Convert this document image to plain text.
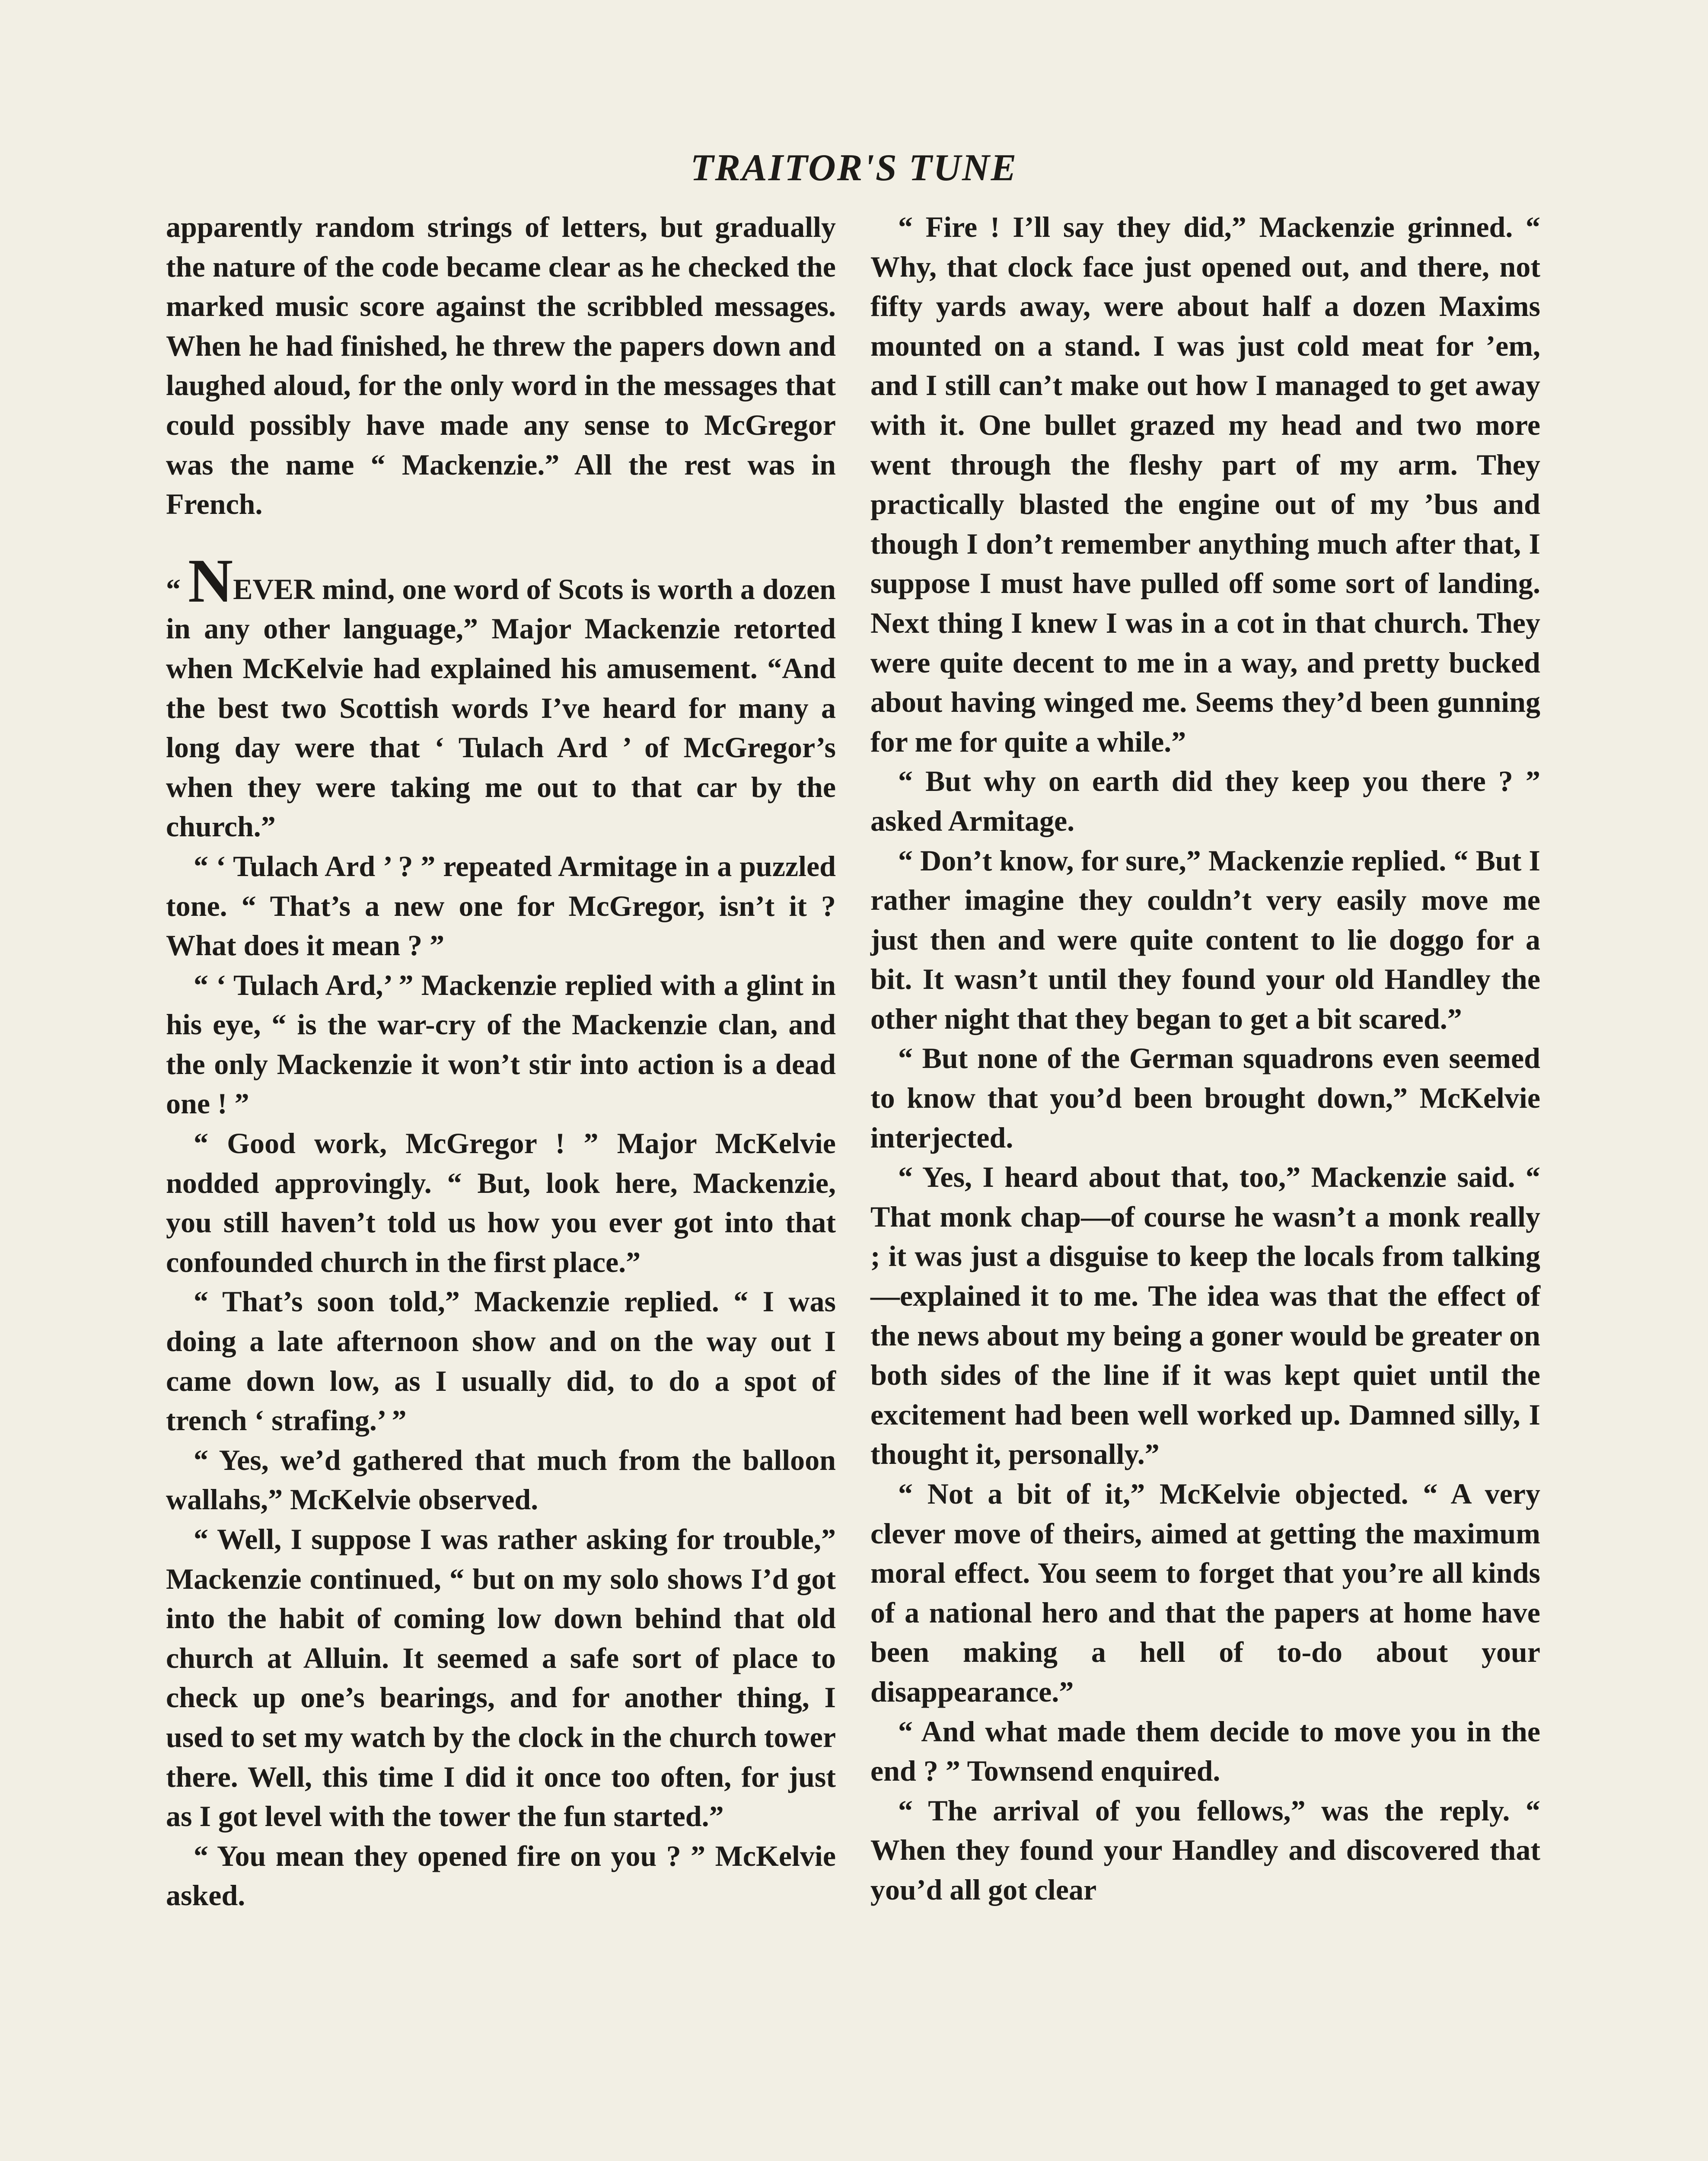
TRAITOR'S TUNE

apparently random strings of letters, but gradually the nature of the code became clear as he checked the marked music score against the scribbled messages. When he had finished, he threw the papers down and laughed aloud, for the only word in the messages that could possibly have made any sense to McGregor was the name “ Mackenzie.” All the rest was in French.

“ NEVER mind, one word of Scots is worth a dozen in any other language,” Major Mackenzie retorted when McKelvie had explained his amusement. “And the best two Scottish words I’ve heard for many a long day were that ‘ Tulach Ard ’ of McGregor’s when they were taking me out to that car by the church.”

“ ‘ Tulach Ard ’ ? ” repeated Armitage in a puzzled tone. “ That’s a new one for McGregor, isn’t it ? What does it mean ? ”

“ ‘ Tulach Ard,’ ” Mackenzie replied with a glint in his eye, “ is the war-cry of the Mackenzie clan, and the only Mackenzie it won’t stir into action is a dead one ! ”

“ Good work, McGregor ! ” Major McKelvie nodded approvingly. “ But, look here, Mackenzie, you still haven’t told us how you ever got into that confounded church in the first place.”

“ That’s soon told,” Mackenzie replied. “ I was doing a late afternoon show and on the way out I came down low, as I usually did, to do a spot of trench ‘ strafing.’ ”

“ Yes, we’d gathered that much from the balloon wallahs,” McKelvie observed.

“ Well, I suppose I was rather asking for trouble,” Mackenzie continued, “ but on my solo shows I’d got into the habit of coming low down behind that old church at Alluin. It seemed a safe sort of place to check up one’s bearings, and for another thing, I used to set my watch by the clock in the church tower there. Well, this time I did it once too often, for just as I got level with the tower the fun started.”

“ You mean they opened fire on you ? ” McKelvie asked.

“ Fire ! I’ll say they did,” Mackenzie grinned. “ Why, that clock face just opened out, and there, not fifty yards away, were about half a dozen Maxims mounted on a stand. I was just cold meat for ’em, and I still can’t make out how I managed to get away with it. One bullet grazed my head and two more went through the fleshy part of my arm. They practically blasted the engine out of my ’bus and though I don’t remember anything much after that, I suppose I must have pulled off some sort of landing. Next thing I knew I was in a cot in that church. They were quite decent to me in a way, and pretty bucked about having winged me. Seems they’d been gunning for me for quite a while.”

“ But why on earth did they keep you there ? ” asked Armitage.

“ Don’t know, for sure,” Mackenzie replied. “ But I rather imagine they couldn’t very easily move me just then and were quite content to lie doggo for a bit. It wasn’t until they found your old Handley the other night that they began to get a bit scared.”

“ But none of the German squadrons even seemed to know that you’d been brought down,” McKelvie interjected.

“ Yes, I heard about that, too,” Mackenzie said. “ That monk chap—of course he wasn’t a monk really ; it was just a disguise to keep the locals from talking—explained it to me. The idea was that the effect of the news about my being a goner would be greater on both sides of the line if it was kept quiet until the excitement had been well worked up. Damned silly, I thought it, personally.”

“ Not a bit of it,” McKelvie objected. “ A very clever move of theirs, aimed at getting the maximum moral effect. You seem to forget that you’re all kinds of a national hero and that the papers at home have been making a hell of to-do about your disappearance.”

“ And what made them decide to move you in the end ? ” Townsend enquired.

“ The arrival of you fellows,” was the reply. “ When they found your Handley and discovered that you’d all got clear
